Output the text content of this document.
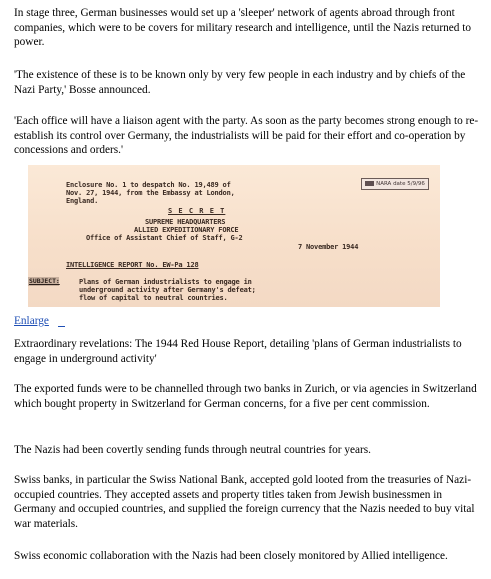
In stage three, German businesses would set up a 'sleeper' network of agents abroad through front companies, which were to be covers for military research and intelligence, until the Nazis returned to power.

'The existence of these is to be known only by very few people in each industry and by chiefs of the Nazi Party,' Bosse announced.

'Each office will have a liaison agent with the party. As soon as the party becomes strong enough to re-establish its control over Germany, the industrialists will be paid for their effort and co-operation by concessions and orders.'

Enclosure No. 1 to despatch No. 19,489 of
Nov. 27, 1944, from the Embassy at London,
England.
NARA date 5/9/96
S E C R E T
SUPREME HEADQUARTERS
ALLIED EXPEDITIONARY FORCE
Office of Assistant Chief of Staff, G-2
7 November 1944
INTELLIGENCE REPORT No. EW-Pa 128
SUBJECT:	Plans of German industrialists to engage in
underground activity after Germany's defeat;
flow of capital to neutral countries.
Enlarge

Extraordinary revelations: The 1944 Red House Report, detailing 'plans of German industrialists to engage in underground activity'

The exported funds were to be channelled through two banks in Zurich, or via agencies in Switzerland which bought property in Switzerland for German concerns, for a five per cent commission.

The Nazis had been covertly sending funds through neutral countries for years.

Swiss banks, in particular the Swiss National Bank, accepted gold looted from the treasuries of Nazi-occupied countries. They accepted assets and property titles taken from Jewish businessmen in Germany and occupied countries, and supplied the foreign currency that the Nazis needed to buy vital war materials.

Swiss economic collaboration with the Nazis had been closely monitored by Allied intelligence.
